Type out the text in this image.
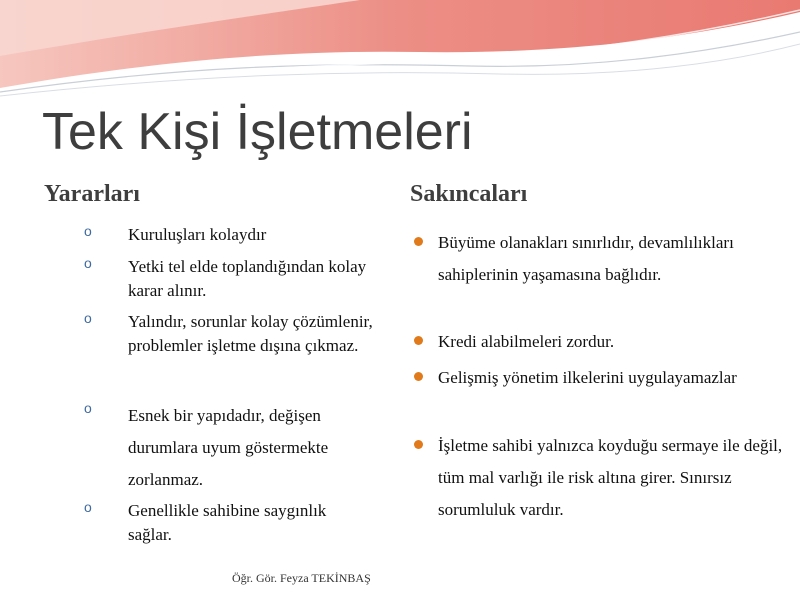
Tek Kişi İşletmeleri
Yararları	Sakıncaları
o Kuruluşları kolaydır
o Yetki tel elde toplandığından kolay karar alınır.
o Yalındır, sorunlar kolay çözümlenir, problemler işletme dışına çıkmaz.
o Esnek bir yapıdadır, değişen durumlara uyum göstermekte zorlanmaz.
o Genellikle sahibine saygınlık sağlar.
Büyüme olanakları sınırlıdır, devamlılıkları sahiplerinin yaşamasına bağlıdır.
Kredi alabilmeleri zordur.
Gelişmiş yönetim ilkelerini uygulayamazlar
İşletme sahibi yalnızca koyduğu sermaye ile değil, tüm mal varlığı ile risk altına girer. Sınırsız sorumluluk vardır.
Öğr. Gör. Feyza TEKİNBAŞ
